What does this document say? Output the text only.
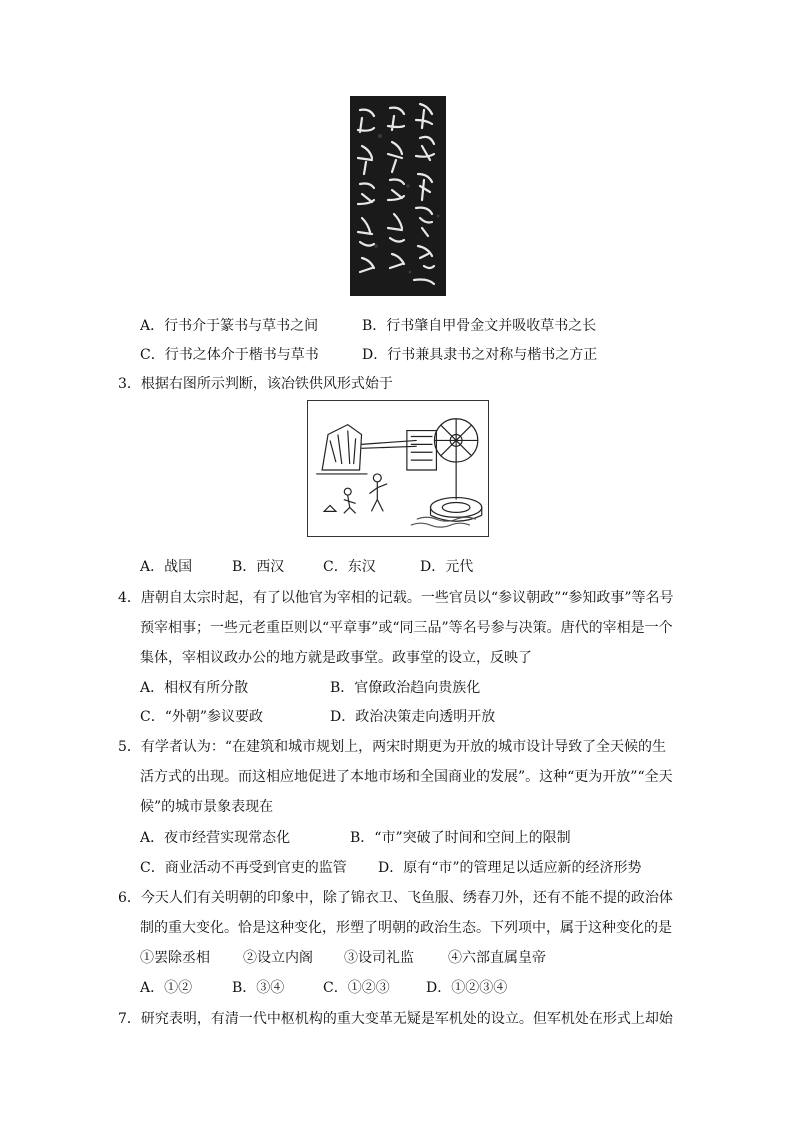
A．行书介于篆书与草书之间	B．行书肇自甲骨金文并吸收草书之长
C．行书之体介于楷书与草书	D．行书兼具隶书之对称与楷书之方正
3．根据右图所示判断，该冶铁供风形式始于
A．战国	B．西汉	C．东汉	D．元代
4．唐朝自太宗时起，有了以他官为宰相的记载。一些官员以“参议朝政”“参知政事”等名号
预宰相事；一些元老重臣则以“平章事”或“同三品”等名号参与决策。唐代的宰相是一个
集体，宰相议政办公的地方就是政事堂。政事堂的设立，反映了
A．相权有所分散	B．官僚政治趋向贵族化
C．“外朝”参议要政	D．政治决策走向透明开放
5．有学者认为：“在建筑和城市规划上，两宋时期更为开放的城市设计导致了全天候的生
活方式的出现。而这相应地促进了本地市场和全国商业的发展”。这种“更为开放”“全天
候”的城市景象表现在
A．夜市经营实现常态化	B．“市”突破了时间和空间上的限制
C．商业活动不再受到官吏的监管 D．原有“市”的管理足以适应新的经济形势
6．今天人们有关明朝的印象中，除了锦衣卫、飞鱼服、绣春刀外，还有不能不提的政治体
制的重大变化。恰是这种变化，形塑了明朝的政治生态。下列项中，属于这种变化的是
①罢除丞相 ②设立内阁 ③设司礼监 ④六部直属皇帝
A．①②	B．③④	C．①②③	D．①②③④
7．研究表明，有清一代中枢机构的重大变革无疑是军机处的设立。但军机处在形式上却始
